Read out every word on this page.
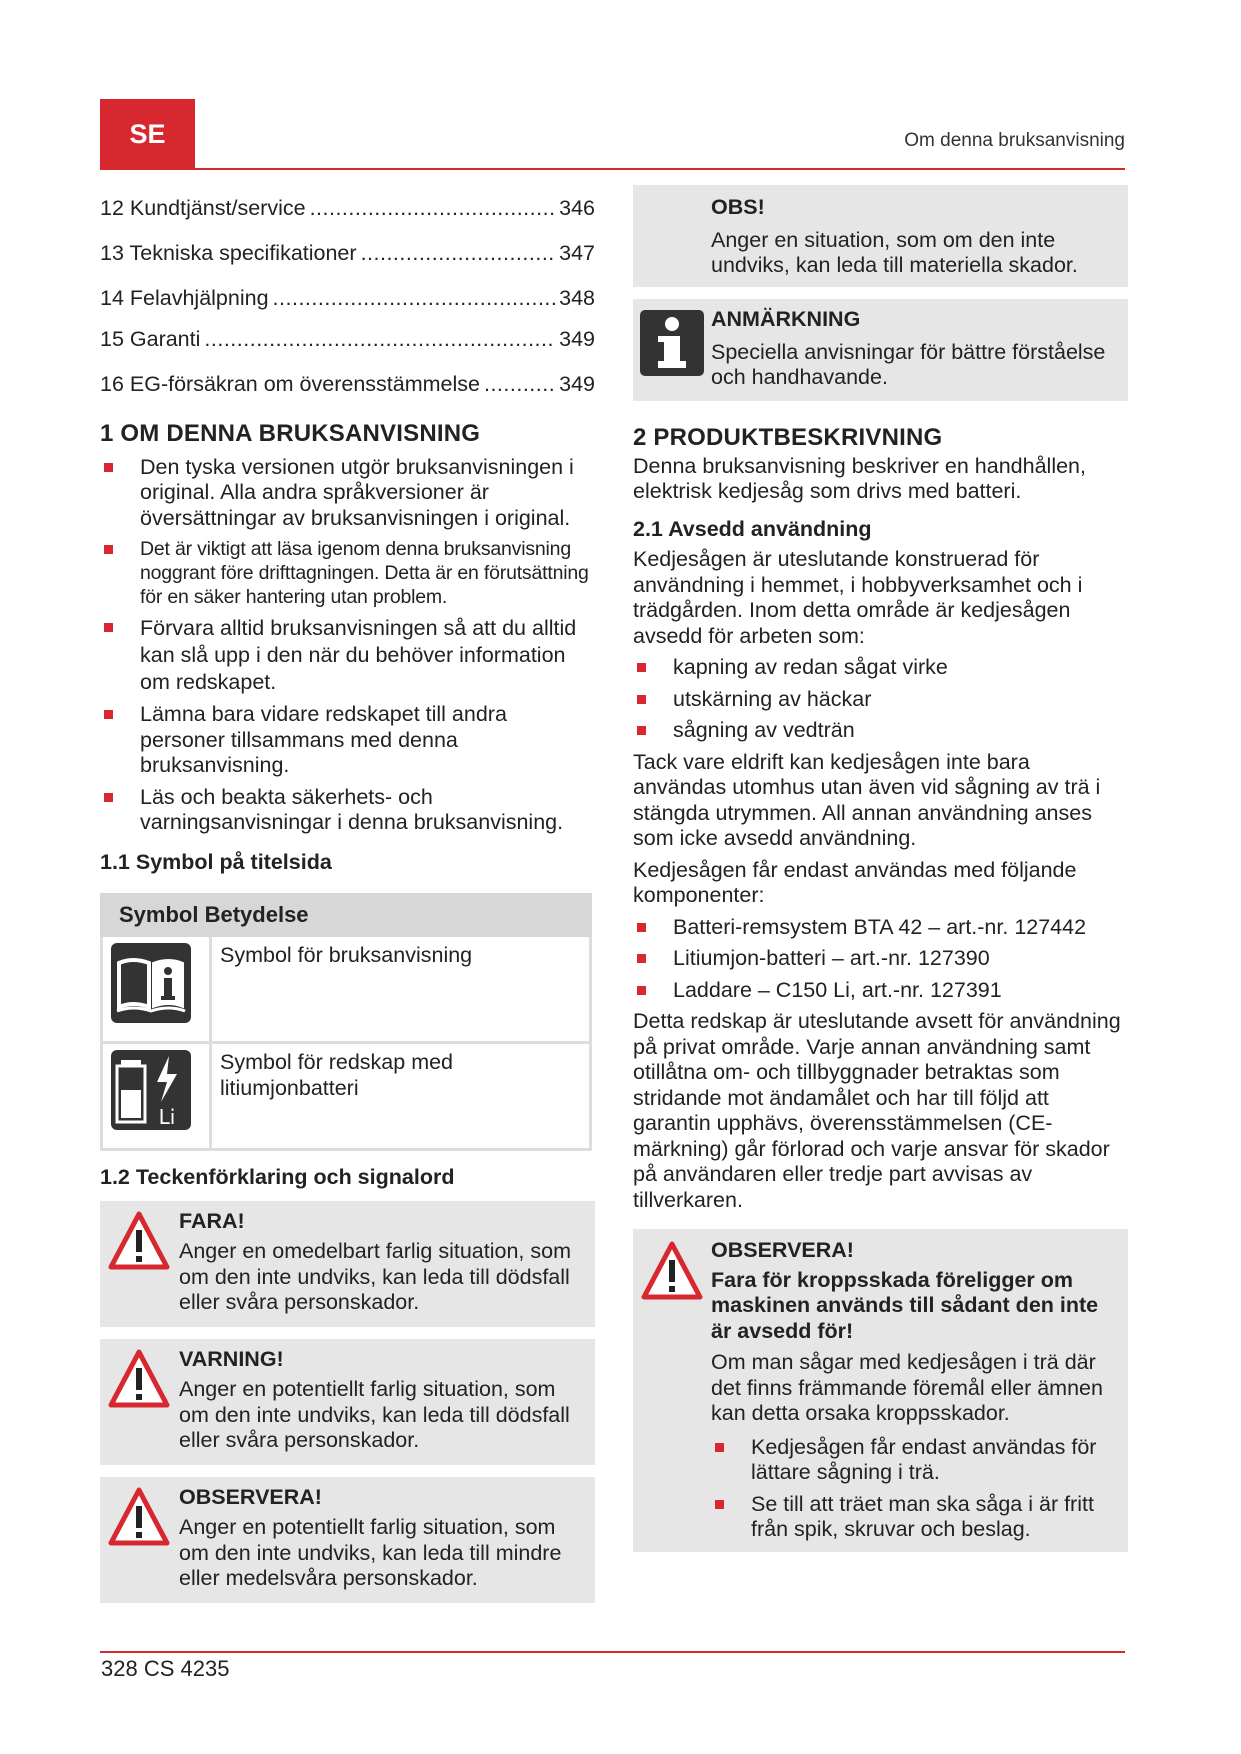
SE	Om denna bruksanvisning
12 Kundtjänst/service .....	346
13 Tekniska specifikationer .....	347
14 Felavhjälpning .....	348
15 Garanti .....	349
16 EG-försäkran om överensstämmelse .....	349
1 OM DENNA BRUKSANVISNING
Den tyska versionen utgör bruksanvisningen i original. Alla andra språkversioner är översättningar av bruksanvisningen i original.
Det är viktigt att läsa igenom denna bruksanvisning noggrant före drifttagningen. Detta är en förutsättning för en säker hantering utan problem.
Förvara alltid bruksanvisningen så att du alltid kan slå upp i den när du behöver information om redskapet.
Lämna bara vidare redskapet till andra personer tillsammans med denna bruksanvisning.
Läs och beakta säkerhets- och varningsanvisningar i denna bruksanvisning.
1.1 Symbol på titelsida
Symbol Betydelse	
	Symbol för bruksanvisning

Li	Symbol för redskap med litiumjonbatteri
1.2 Teckenförklaring och signalord
FARA!
Anger en omedelbart farlig situation, som om den inte undviks, kan leda till dödsfall eller svåra personskador.
VARNING!
Anger en potentiellt farlig situation, som om den inte undviks, kan leda till dödsfall eller svåra personskador.
OBSERVERA!
Anger en potentiellt farlig situation, som om den inte undviks, kan leda till mindre eller medelsvåra personskador.
OBS!
Anger en situation, som om den inte undviks, kan leda till materiella skador.
ANMÄRKNING
Speciella anvisningar för bättre förståelse och handhavande.
2 PRODUKTBESKRIVNING

Denna bruksanvisning beskriver en handhållen, elektrisk kedjesåg som drivs med batteri.

2.1 Avsedd användning

Kedjesågen är uteslutande konstruerad för användning i hemmet, i hobbyverksamhet och i trädgården. Inom detta område är kedjesågen avsedd för arbeten som:

kapning av redan sågat virke
utskärning av häckar
sågning av vedträn

Tack vare eldrift kan kedjesågen inte bara användas utomhus utan även vid sågning av trä i stängda utrymmen. All annan användning anses som icke avsedd användning.

Kedjesågen får endast användas med följande komponenter:

Batteri-remsystem BTA 42 – art.-nr. 127442
Litiumjon-batteri – art.-nr. 127390
Laddare – C150 Li, art.-nr. 127391

Detta redskap är uteslutande avsett för användning på privat område. Varje annan användning samt otillåtna om- och tillbyggnader betraktas som stridande mot ändamålet och har till följd att garantin upphävs, överensstämmelsen (CE-märkning) går förlorad och varje ansvar för skador på användaren eller tredje part avvisas av tillverkaren.

OBSERVERA!
Fara för kroppsskada föreligger om maskinen används till sådant den inte är avsedd för!
Om man sågar med kedjesågen i trä där det finns främmande föremål eller ämnen kan detta orsaka kroppsskador.
Kedjesågen får endast användas för lättare sågning i trä.
Se till att träet man ska såga i är fritt från spik, skruvar och beslag.
328 CS 4235
